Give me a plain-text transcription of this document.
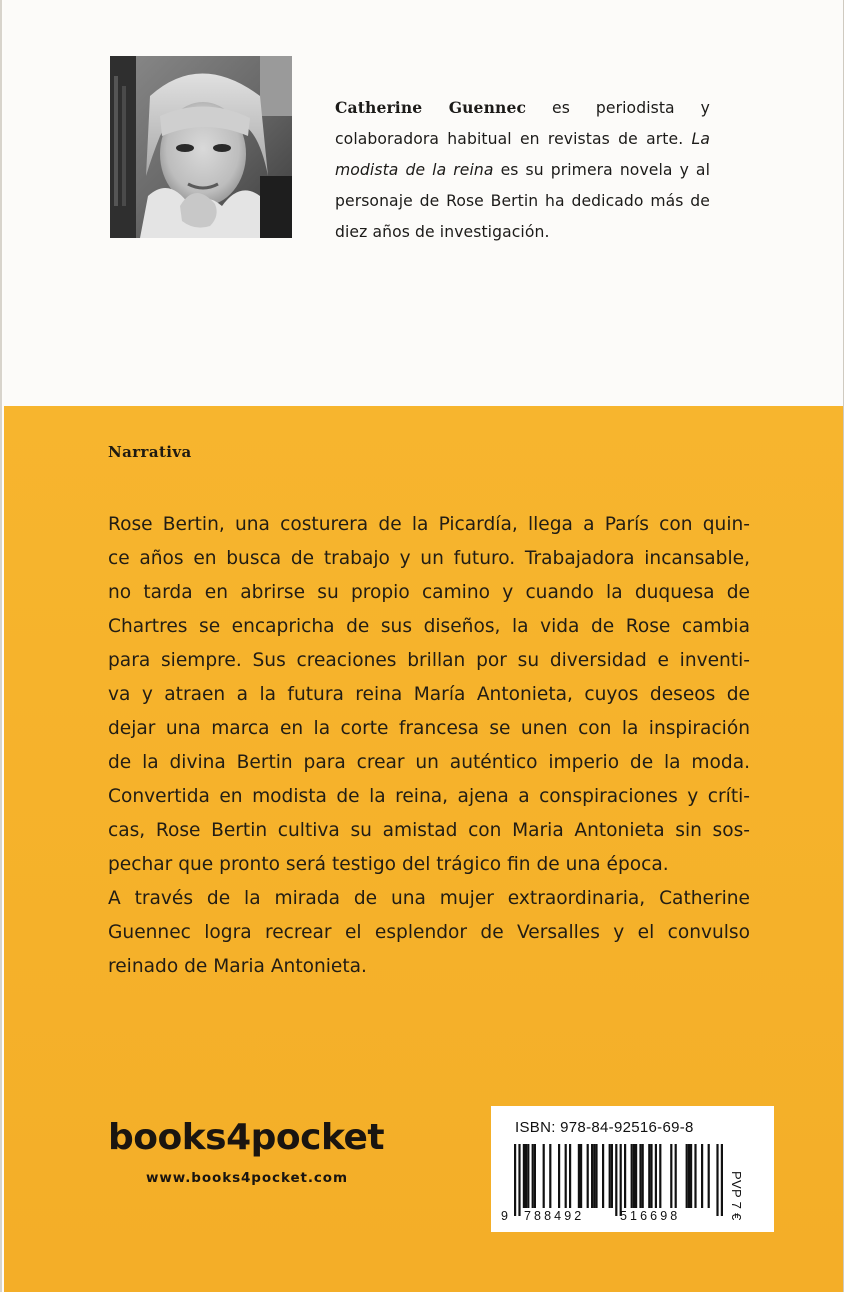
Catherine Guennec es periodista y colaboradora habitual en revistas de arte. La modista de la reina es su primera novela y al personaje de Rose Bertin ha dedicado más de diez años de investigación.
Narrativa
Rose Bertin, una costurera de la Picardía, llega a París con quin-
ce años en busca de trabajo y un futuro. Trabajadora incansable,
no tarda en abrirse su propio camino y cuando la duquesa de
Chartres se encapricha de sus diseños, la vida de Rose cambia
para siempre. Sus creaciones brillan por su diversidad e inventi-
va y atraen a la futura reina María Antonieta, cuyos deseos de
dejar una marca en la corte francesa se unen con la inspiración
de la divina Bertin para crear un auténtico imperio de la moda.
Convertida en modista de la reina, ajena a conspiraciones y críti-
cas, Rose Bertin cultiva su amistad con Maria Antonieta sin sos-
pechar que pronto será testigo del trágico fin de una época.
A través de la mirada de una mujer extraordinaria, Catherine
Guennec logra recrear el esplendor de Versalles y el convulso
reinado de Maria Antonieta.
books4pocket
www.books4pocket.com
ISBN: 978-84-92516-69-8
PVP 7 €
9 788492	516698
